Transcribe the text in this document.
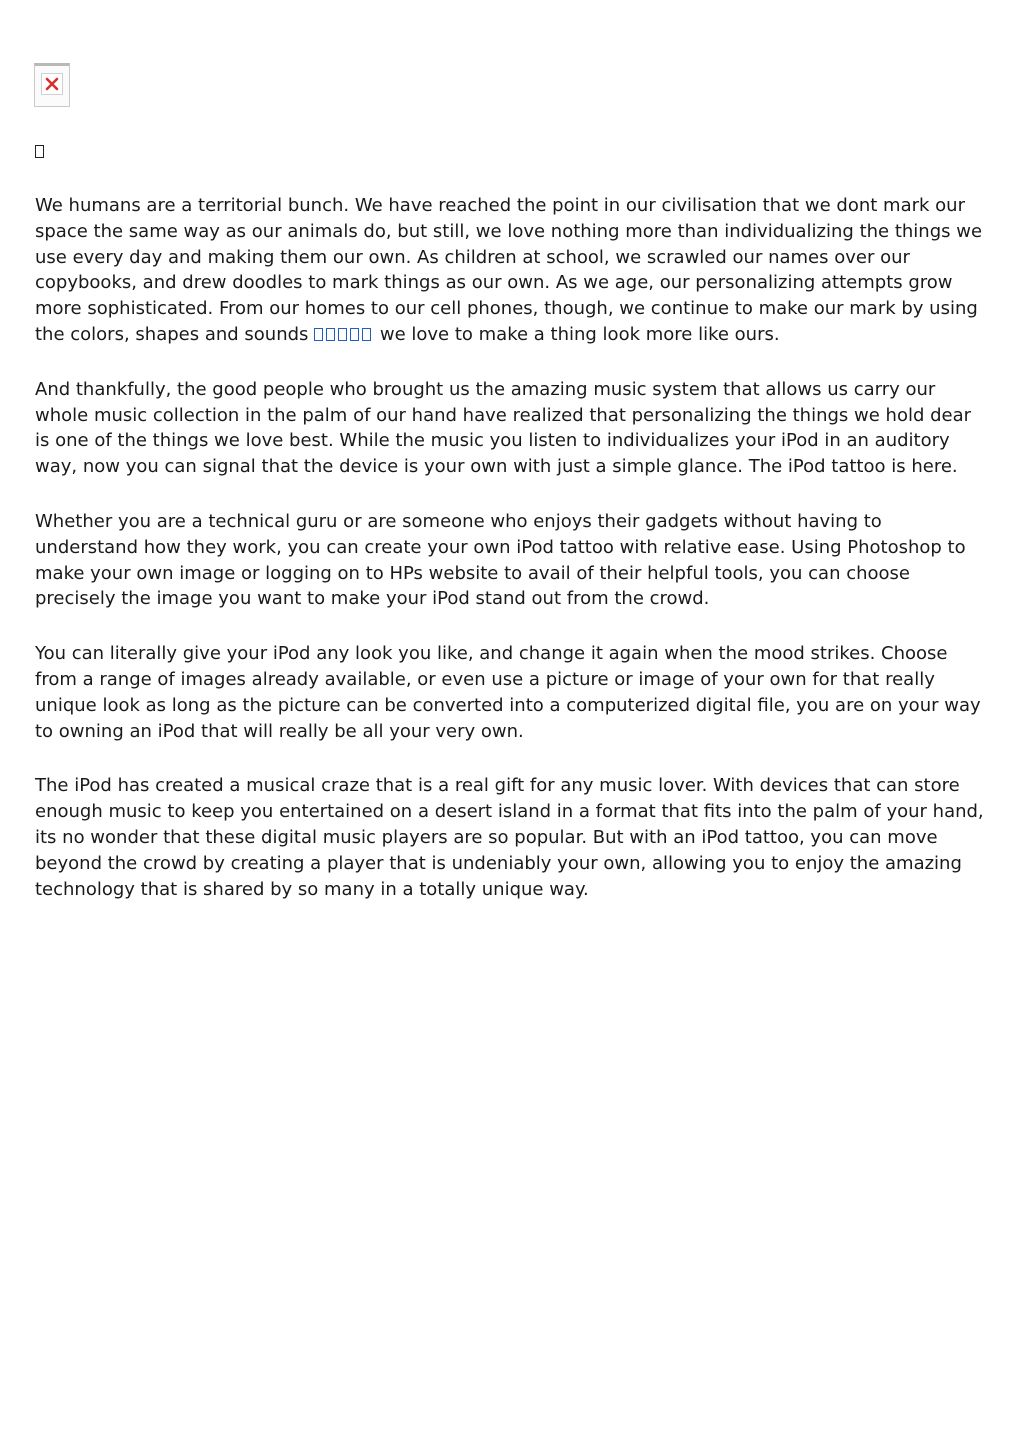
We humans are a territorial bunch. We have reached the point in our civilisation that we dont mark our space the same way as our animals do, but still, we love nothing more than individualizing the things we use every day and making them our own. As children at school, we scrawled our names over our copybooks, and drew doodles to mark things as our own. As we age, our personalizing attempts grow more sophisticated. From our homes to our cell phones, though, we continue to make our mark by using the colors, shapes and sounds	we love to make a thing look more like ours.

And thankfully, the good people who brought us the amazing music system that allows us carry our whole music collection in the palm of our hand have realized that personalizing the things we hold dear is one of the things we love best. While the music you listen to individualizes your iPod in an auditory way, now you can signal that the device is your own with just a simple glance. The iPod tattoo is here.

Whether you are a technical guru or are someone who enjoys their gadgets without having to understand how they work, you can create your own iPod tattoo with relative ease. Using Photoshop to make your own image or logging on to HPs website to avail of their helpful tools, you can choose precisely the image you want to make your iPod stand out from the crowd.

You can literally give your iPod any look you like, and change it again when the mood strikes. Choose from a range of images already available, or even use a picture or image of your own for that really unique look as long as the picture can be converted into a computerized digital file, you are on your way to owning an iPod that will really be all your very own.

The iPod has created a musical craze that is a real gift for any music lover. With devices that can store enough music to keep you entertained on a desert island in a format that fits into the palm of your hand, its no wonder that these digital music players are so popular. But with an iPod tattoo, you can move beyond the crowd by creating a player that is undeniably your own, allowing you to enjoy the amazing technology that is shared by so many in a totally unique way.
